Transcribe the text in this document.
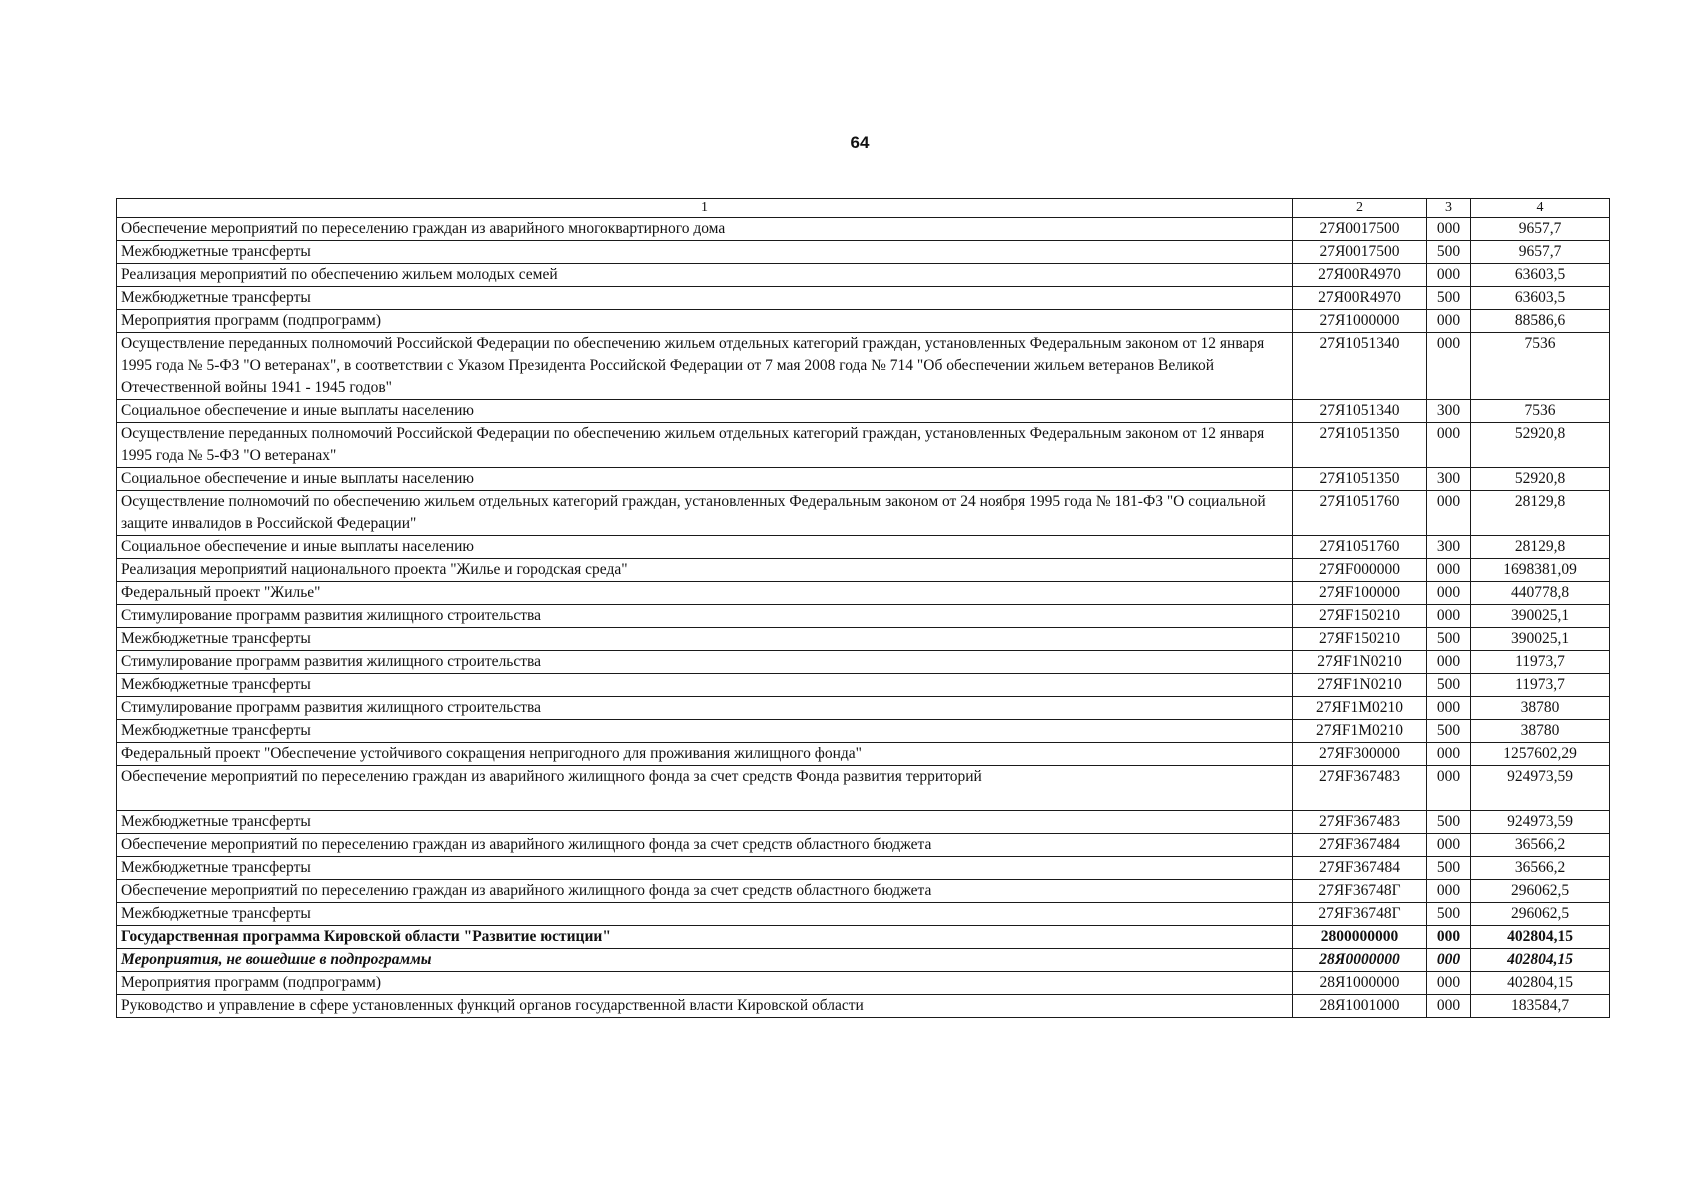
64
1	2	3	4
Обеспечение мероприятий по переселению граждан из аварийного многоквартирного дома	27Я0017500	000	9657,7
Межбюджетные трансферты	27Я0017500	500	9657,7
Реализация мероприятий по обеспечению жильем молодых семей	27Я00R4970	000	63603,5
Межбюджетные трансферты	27Я00R4970	500	63603,5
Мероприятия программ (подпрограмм)	27Я1000000	000	88586,6
Осуществление переданных полномочий Российской Федерации по обеспечению жильем отдельных категорий граждан, установленных Федеральным законом от 12 января 1995 года № 5-ФЗ "О ветеранах", в соответствии с Указом Президента Российской Федерации от 7 мая 2008 года № 714 "Об обеспечении жильем ветеранов Великой Отечественной войны 1941 - 1945 годов"	27Я1051340	000	7536
Социальное обеспечение и иные выплаты населению	27Я1051340	300	7536
Осуществление переданных полномочий Российской Федерации по обеспечению жильем отдельных категорий граждан, установленных Федеральным законом от 12 января 1995 года № 5-ФЗ "О ветеранах"	27Я1051350	000	52920,8
Социальное обеспечение и иные выплаты населению	27Я1051350	300	52920,8
Осуществление полномочий по обеспечению жильем отдельных категорий граждан, установленных Федеральным законом от 24 ноября 1995 года № 181-ФЗ "О социальной защите инвалидов в Российской Федерации"	27Я1051760	000	28129,8
Социальное обеспечение и иные выплаты населению	27Я1051760	300	28129,8
Реализация мероприятий национального проекта "Жилье и городская среда"	27ЯF000000	000	1698381,09
Федеральный проект "Жилье"	27ЯF100000	000	440778,8
Стимулирование программ развития жилищного строительства	27ЯF150210	000	390025,1
Межбюджетные трансферты	27ЯF150210	500	390025,1
Стимулирование программ развития жилищного строительства	27ЯF1N0210	000	11973,7
Межбюджетные трансферты	27ЯF1N0210	500	11973,7
Стимулирование программ развития жилищного строительства	27ЯF1M0210	000	38780
Межбюджетные трансферты	27ЯF1M0210	500	38780
Федеральный проект "Обеспечение устойчивого сокращения непригодного для проживания жилищного фонда"	27ЯF300000	000	1257602,29
Обеспечение мероприятий по переселению граждан из аварийного жилищного фонда за счет средств Фонда развития территорий	27ЯF367483	000	924973,59
Межбюджетные трансферты	27ЯF367483	500	924973,59
Обеспечение мероприятий по переселению граждан из аварийного жилищного фонда за счет средств областного бюджета	27ЯF367484	000	36566,2
Межбюджетные трансферты	27ЯF367484	500	36566,2
Обеспечение мероприятий по переселению граждан из аварийного жилищного фонда за счет средств областного бюджета	27ЯF36748Г	000	296062,5
Межбюджетные трансферты	27ЯF36748Г	500	296062,5
Государственная программа Кировской области "Развитие юстиции"	2800000000	000	402804,15
Мероприятия, не вошедшие в подпрограммы	28Я0000000	000	402804,15
Мероприятия программ (подпрограмм)	28Я1000000	000	402804,15
Руководство и управление в сфере установленных функций органов государственной власти Кировской области	28Я1001000	000	183584,7
